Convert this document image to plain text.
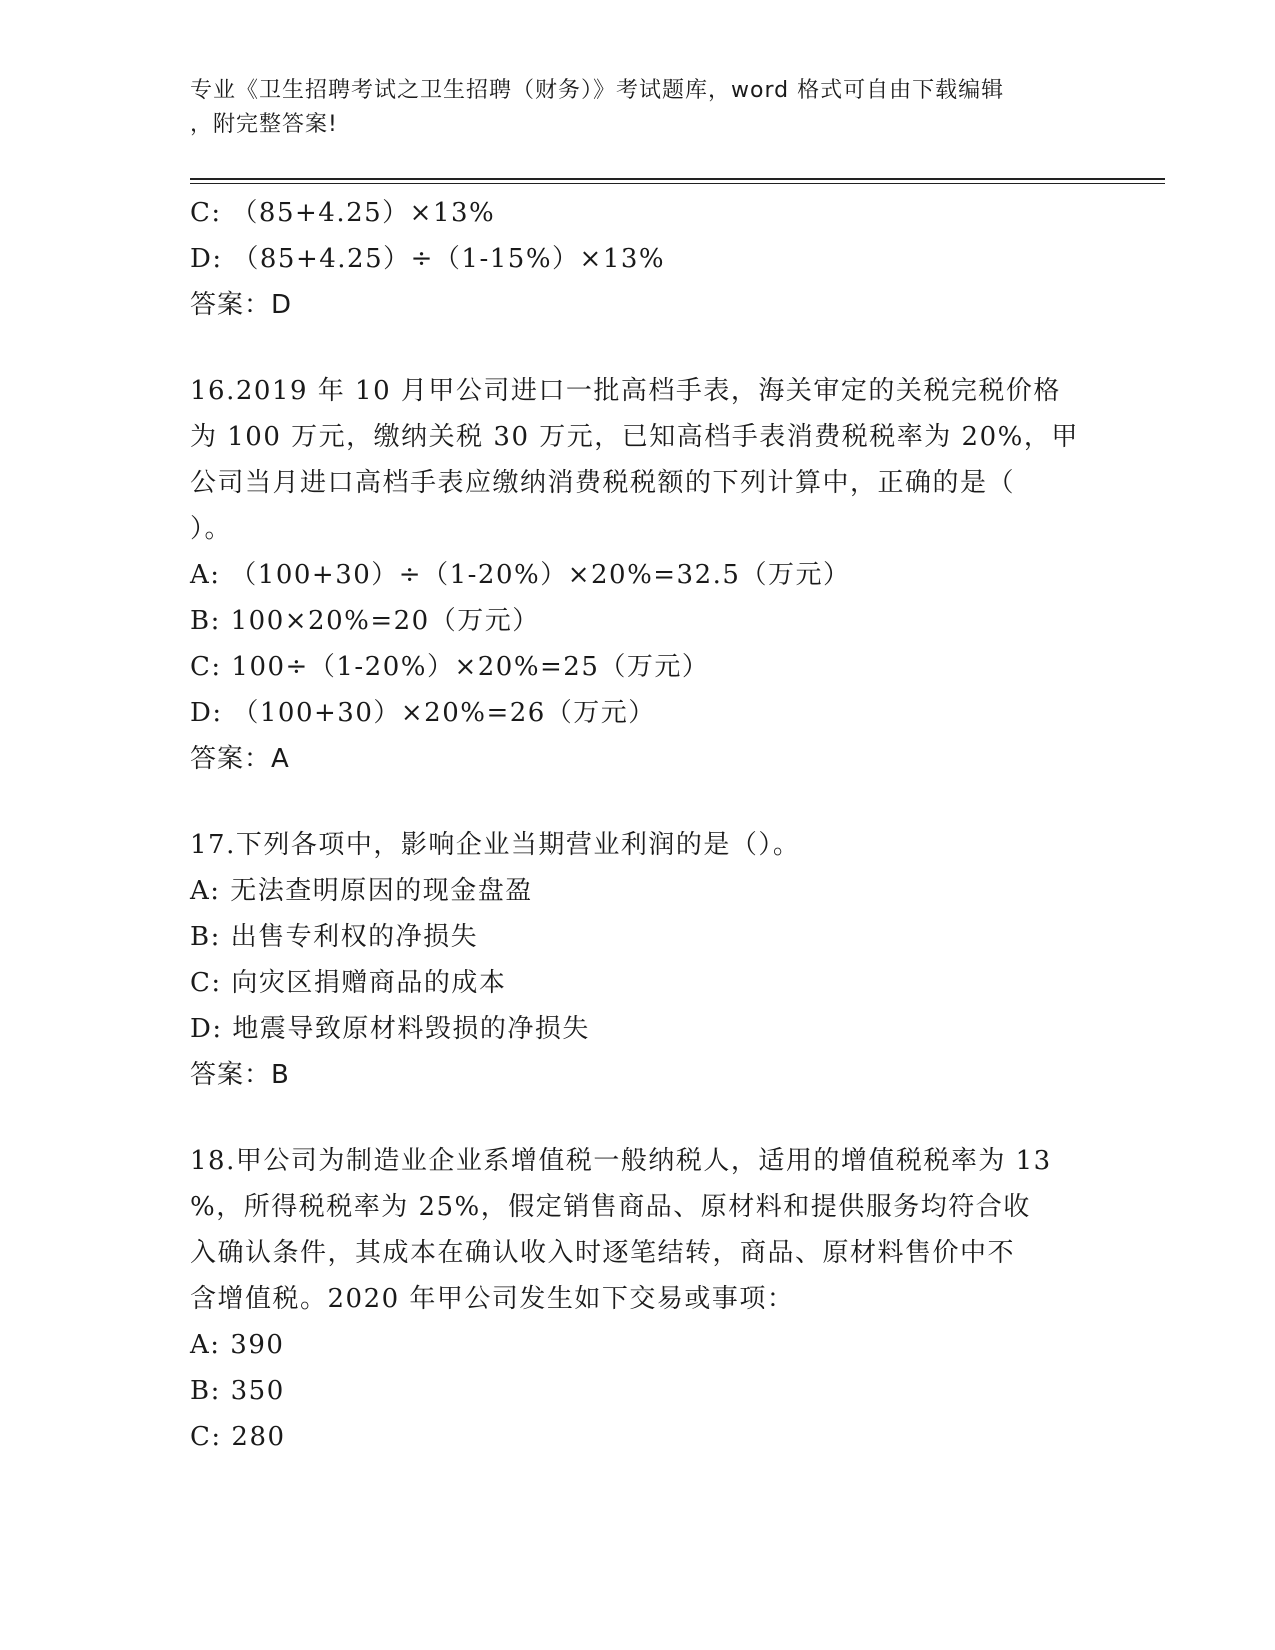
专业《卫生招聘考试之卫生招聘（财务）》考试题库，word 格式可自由下载编辑
，附完整答案!
C: （85+4.25）×13%
D: （85+4.25）÷（1-15%）×13%
答案：D
16.2019 年 10 月甲公司进口一批高档手表，海关审定的关税完税价格
为 100 万元，缴纳关税 30 万元，已知高档手表消费税税率为 20%，甲
公司当月进口高档手表应缴纳消费税税额的下列计算中，正确的是（
）。
A: （100+30）÷（1-20%）×20%=32.5（万元）
B: 100×20%=20（万元）
C: 100÷（1-20%）×20%=25（万元）
D: （100+30）×20%=26（万元）
答案：A
17.下列各项中，影响企业当期营业利润的是（）。
A: 无法查明原因的现金盘盈
B: 出售专利权的净损失
C: 向灾区捐赠商品的成本
D: 地震导致原材料毁损的净损失
答案：B
18.甲公司为制造业企业系增值税一般纳税人，适用的增值税税率为 13
%，所得税税率为 25%，假定销售商品、原材料和提供服务均符合收
入确认条件，其成本在确认收入时逐笔结转，商品、原材料售价中不
含增值税。2020 年甲公司发生如下交易或事项：
A: 390
B: 350
C: 280
